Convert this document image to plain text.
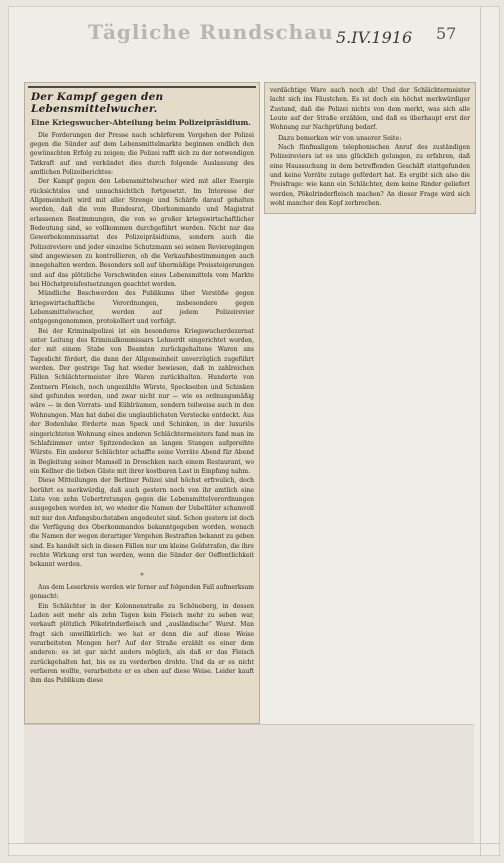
Tägliche Rundschau 5.IV.1916 57
Der Kampf gegen den Lebensmittelwucher.
Eine Kriegswucher-Abteilung beim Polizeipräsidium.

Die Forderungen der Presse nach schärferem Vorgehen der Polizei gegen die Sünder auf dem Lebensmittelmarkte beginnen endlich den gewünschten Erfolg zu zeigen; die Polizei rafft sich zu der notwendigen Tatkraft auf und verkündet dies durch folgende Auslassung des amtlichen Polizeiberichtes:

Der Kampf gegen den Lebensmittelwucher wird mit aller Energie rücksichtslos und unnachsichtlich fortgesetzt. Im Interesse der Allgemeinheit wird mit aller Strenge und Schärfe darauf gehalten werden, daß die vom Bundesrat, Oberkommando und Magistrat erlassenen Bestimmungen, die von so großer kriegswirtschaftlicher Bedeutung sind, so vollkommen durchgeführt werden. Nicht nur das Gewerbekommissariat des Polizeipräsidiums, sondern auch die Polizeireviere und jeder einzelne Schutzmann sei seinen Revieregängen sind angewiesen zu kontrollieren, ob die Verkaufsbestimmungen auch innegehalten werden. Besonders soll auf übermäßige Preissteigerungen und auf das plötzliche Verschwinden eines Lebensmittels vom Markte bei Höchstpreisfestsetzungen geachtet werden.

Mündliche Beschwerden des Publikums über Verstöße gegen kriegswirtschaftliche Verordnungen, insbesondere gegen Lebensmittelwucher, werden auf jedem Polizeirevier entgegengenommen, protokolliert und verfolgt.

Bei der Kriminalpolizei ist ein besonderes Kriegswucherdezernat unter Leitung des Kriminalkommissars Lehnerdt eingerichtet worden, der mit einem Stabe von Beamten zurückgehaltene Waren ans Tageslicht fördert, die dann der Allgemeinheit unverzüglich zugeführt werden. Der gestrige Tag hat wieder bewiesen, daß in zahlreichen Fällen Schlächtermeister ihre Waren zurückhalten. Hunderte von Zentnern Fleisch, noch ungezählte Würste, Speckseiten und Schinken sind gefunden worden, und zwar nicht nur — wie es ordnungsmäßig wäre — in den Vorrats- und Kühlräumen, sondern teilweise auch in den Wohnungen. Man hat dabei die unglaublichsten Verstecke entdeckt. Aus der Bodenluke förderte man Speck und Schinken, in der luxuriös eingerichteten Wohnung eines anderen Schlächtermeisters fand man im Schlafzimmer unter Spitzendecken an langen Stangen aufgereihte Würste. Ein anderer Schlächter schaffte seine Vorräte Abend für Abend in Begleitung seiner Mamsell in Droschken nach einem Restaurant, wo ein Kellner die lieben Gäste mit ihrer kostbaren Last in Empfang nahm.

Diese Mitteilungen der Berliner Polizei sind höchst erfreulich, doch berührt es merkwürdig, daß auch gestern noch von ihr amtlich eine Liste von zehn Uebertretungen gegen die Lebensmittelverordnungen ausgegeben worden ist, wo wieder die Namen der Uebeltäter schamvoll mit nur den Anfangsbuchstaben angedeutet sind. Schon gestern ist doch die Verfügung des Oberkommandos bekanntgegeben worden, wonach die Namen der wegen derartiger Vergehen Bestraften bekannt zu geben sind. Es handelt sich in diesen Fällen nur um kleine Geldstrafen, die ihre rechte Wirkung erst tun werden, wenn die Sünder der Oeffentlichkeit bekannt werden.

*

Aus dem Leserkreis werden wir ferner auf folgenden Fall aufmerksam gemacht:

Ein Schlächter in der Kolonnenstraße zu Schöneberg, in dessen Laden seit mehr als zehn Tagen kein Fleisch mehr zu sehen war, verkauft plötzlich Pökelrinderfleisch und „ausländische“ Wurst. Man fragt sich unwillkürlich: wo hat er denn die auf diese Weise verarbeiteten Mengen her? Auf der Straße erzählt es einer dem anderen: es ist gar nicht anders möglich, als daß er das Fleisch zurückgehalten hat, bis es zu verderben drohte. Und da er es nicht verlieren wollte, verarbeitete er es eben auf diese Weise. Leider kauft ihm das Publikum diese

verdächtige Ware auch noch ab! Und der Schlächtermeister lacht sich ins Fäustchen. Es ist doch ein höchst merkwürdiger Zustand, daß die Polizei nichts von dem merkt, was sich alle Leute auf der Straße erzählen, und daß es überhaupt erst der Wohnung zur Nachprüfung bedarf.

Dazu bemerken wir von unserer Seite:

Nach fünfmaligem telephonischen Anruf des zuständigen Polizeireviers ist es uns glücklich gelungen, zu erfahren, daß eine Haussuchung in dem betreffenden Geschäft stattgefunden und keine Vorräte zutage gefördert hat. Es ergibt sich also die Preisfrage: wie kann ein Schlächter, dem keine Rinder geliefert werden, Pökelrinderfleisch machen? An dieser Frage wird sich wohl mancher den Kopf zerbrechen.
